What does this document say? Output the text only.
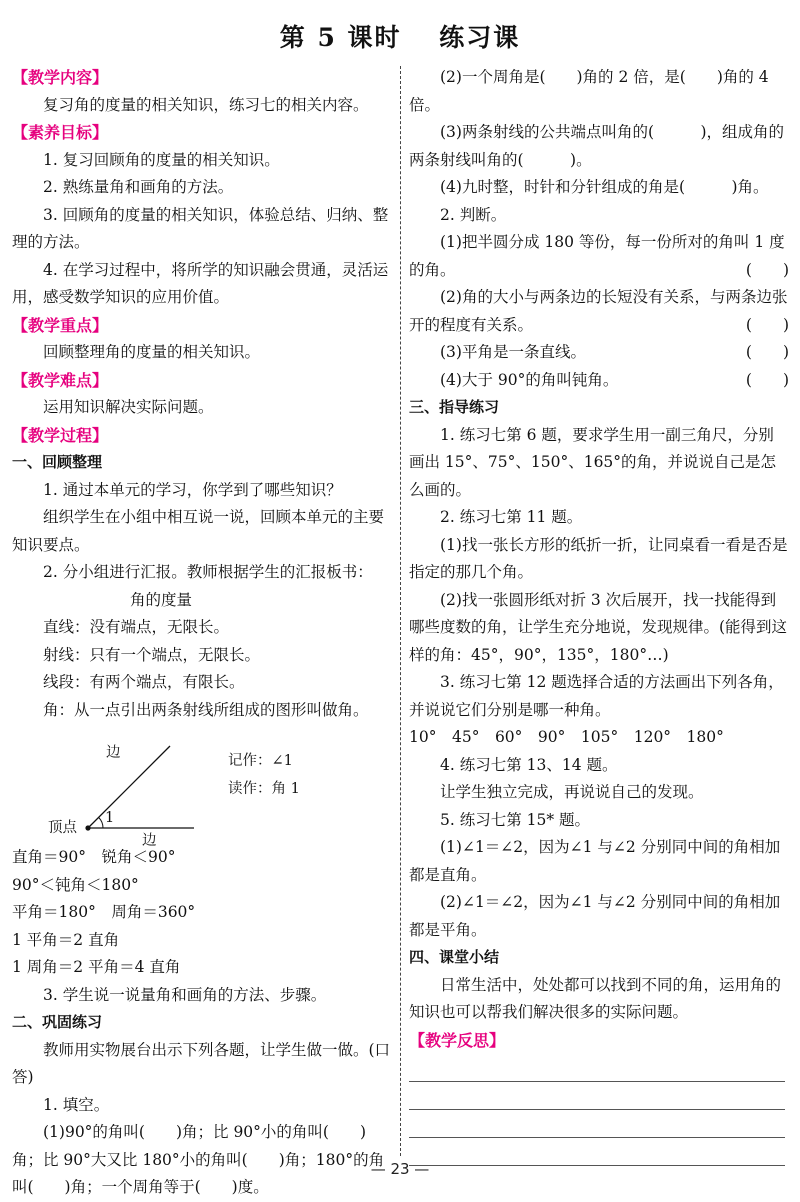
第 5 课时　 练习课
【教学内容】
复习角的度量的相关知识，练习七的相关内容。
【素养目标】
1. 复习回顾角的度量的相关知识。
2. 熟练量角和画角的方法。
3. 回顾角的度量的相关知识，体验总结、归纳、整理的方法。
4. 在学习过程中，将所学的知识融会贯通，灵活运用，感受数学知识的应用价值。
【教学重点】
回顾整理角的度量的相关知识。
【教学难点】
运用知识解决实际问题。
【教学过程】
一、回顾整理
1. 通过本单元的学习，你学到了哪些知识？
组织学生在小组中相互说一说，回顾本单元的主要知识要点。
2. 分小组进行汇报。教师根据学生的汇报板书：
角的度量
直线：没有端点，无限长。
射线：只有一个端点，无限长。
线段：有两个端点，有限长。
角：从一点引出两条射线所组成的图形叫做角。
边
边
顶点
1
记作：∠1
读作：角 1
直角＝90°　锐角＜90°
90°＜钝角＜180°
平角＝180°　周角＝360°
1 平角＝2 直角
1 周角＝2 平角＝4 直角
3. 学生说一说量角和画角的方法、步骤。
二、巩固练习
教师用实物展台出示下列各题，让学生做一做。(口答)
1. 填空。
(1)90°的角叫(　　)角；比 90°小的角叫(　　)角；比 90°大又比 180°小的角叫(　　)角；180°的角叫(　　)角；一个周角等于(　　)度。
(2)一个周角是(　　)角的 2 倍，是(　　)角的 4 倍。
(3)两条射线的公共端点叫角的(　　　)，组成角的两条射线叫角的(　　　)。
(4)九时整，时针和分针组成的角是(　　　)角。
2. 判断。
(1)把半圆分成 180 等份，每一份所对的角叫 1 度的角。	(　　)
(2)角的大小与两条边的长短没有关系，与两条边张开的程度有关系。	(　　)
(3)平角是一条直线。	(　　)
(4)大于 90°的角叫钝角。	(　　)
三、指导练习
1. 练习七第 6 题，要求学生用一副三角尺，分别画出 15°、75°、150°、165°的角，并说说自己是怎么画的。
2. 练习七第 11 题。
(1)找一张长方形的纸折一折，让同桌看一看是否是指定的那几个角。
(2)找一张圆形纸对折 3 次后展开，找一找能得到哪些度数的角，让学生充分地说，发现规律。(能得到这样的角：45°，90°，135°，180°…)
3. 练习七第 12 题选择合适的方法画出下列各角，并说说它们分别是哪一种角。
10°　45°　60°　90°　105°　120°　180°
4. 练习七第 13、14 题。
让学生独立完成，再说说自己的发现。
5. 练习七第 15* 题。
(1)∠1＝∠2，因为∠1 与∠2 分别同中间的角相加都是直角。
(2)∠1＝∠2，因为∠1 与∠2 分别同中间的角相加都是平角。
四、课堂小结
日常生活中，处处都可以找到不同的角，运用角的知识也可以帮我们解决很多的实际问题。
【教学反思】
— 23 —
